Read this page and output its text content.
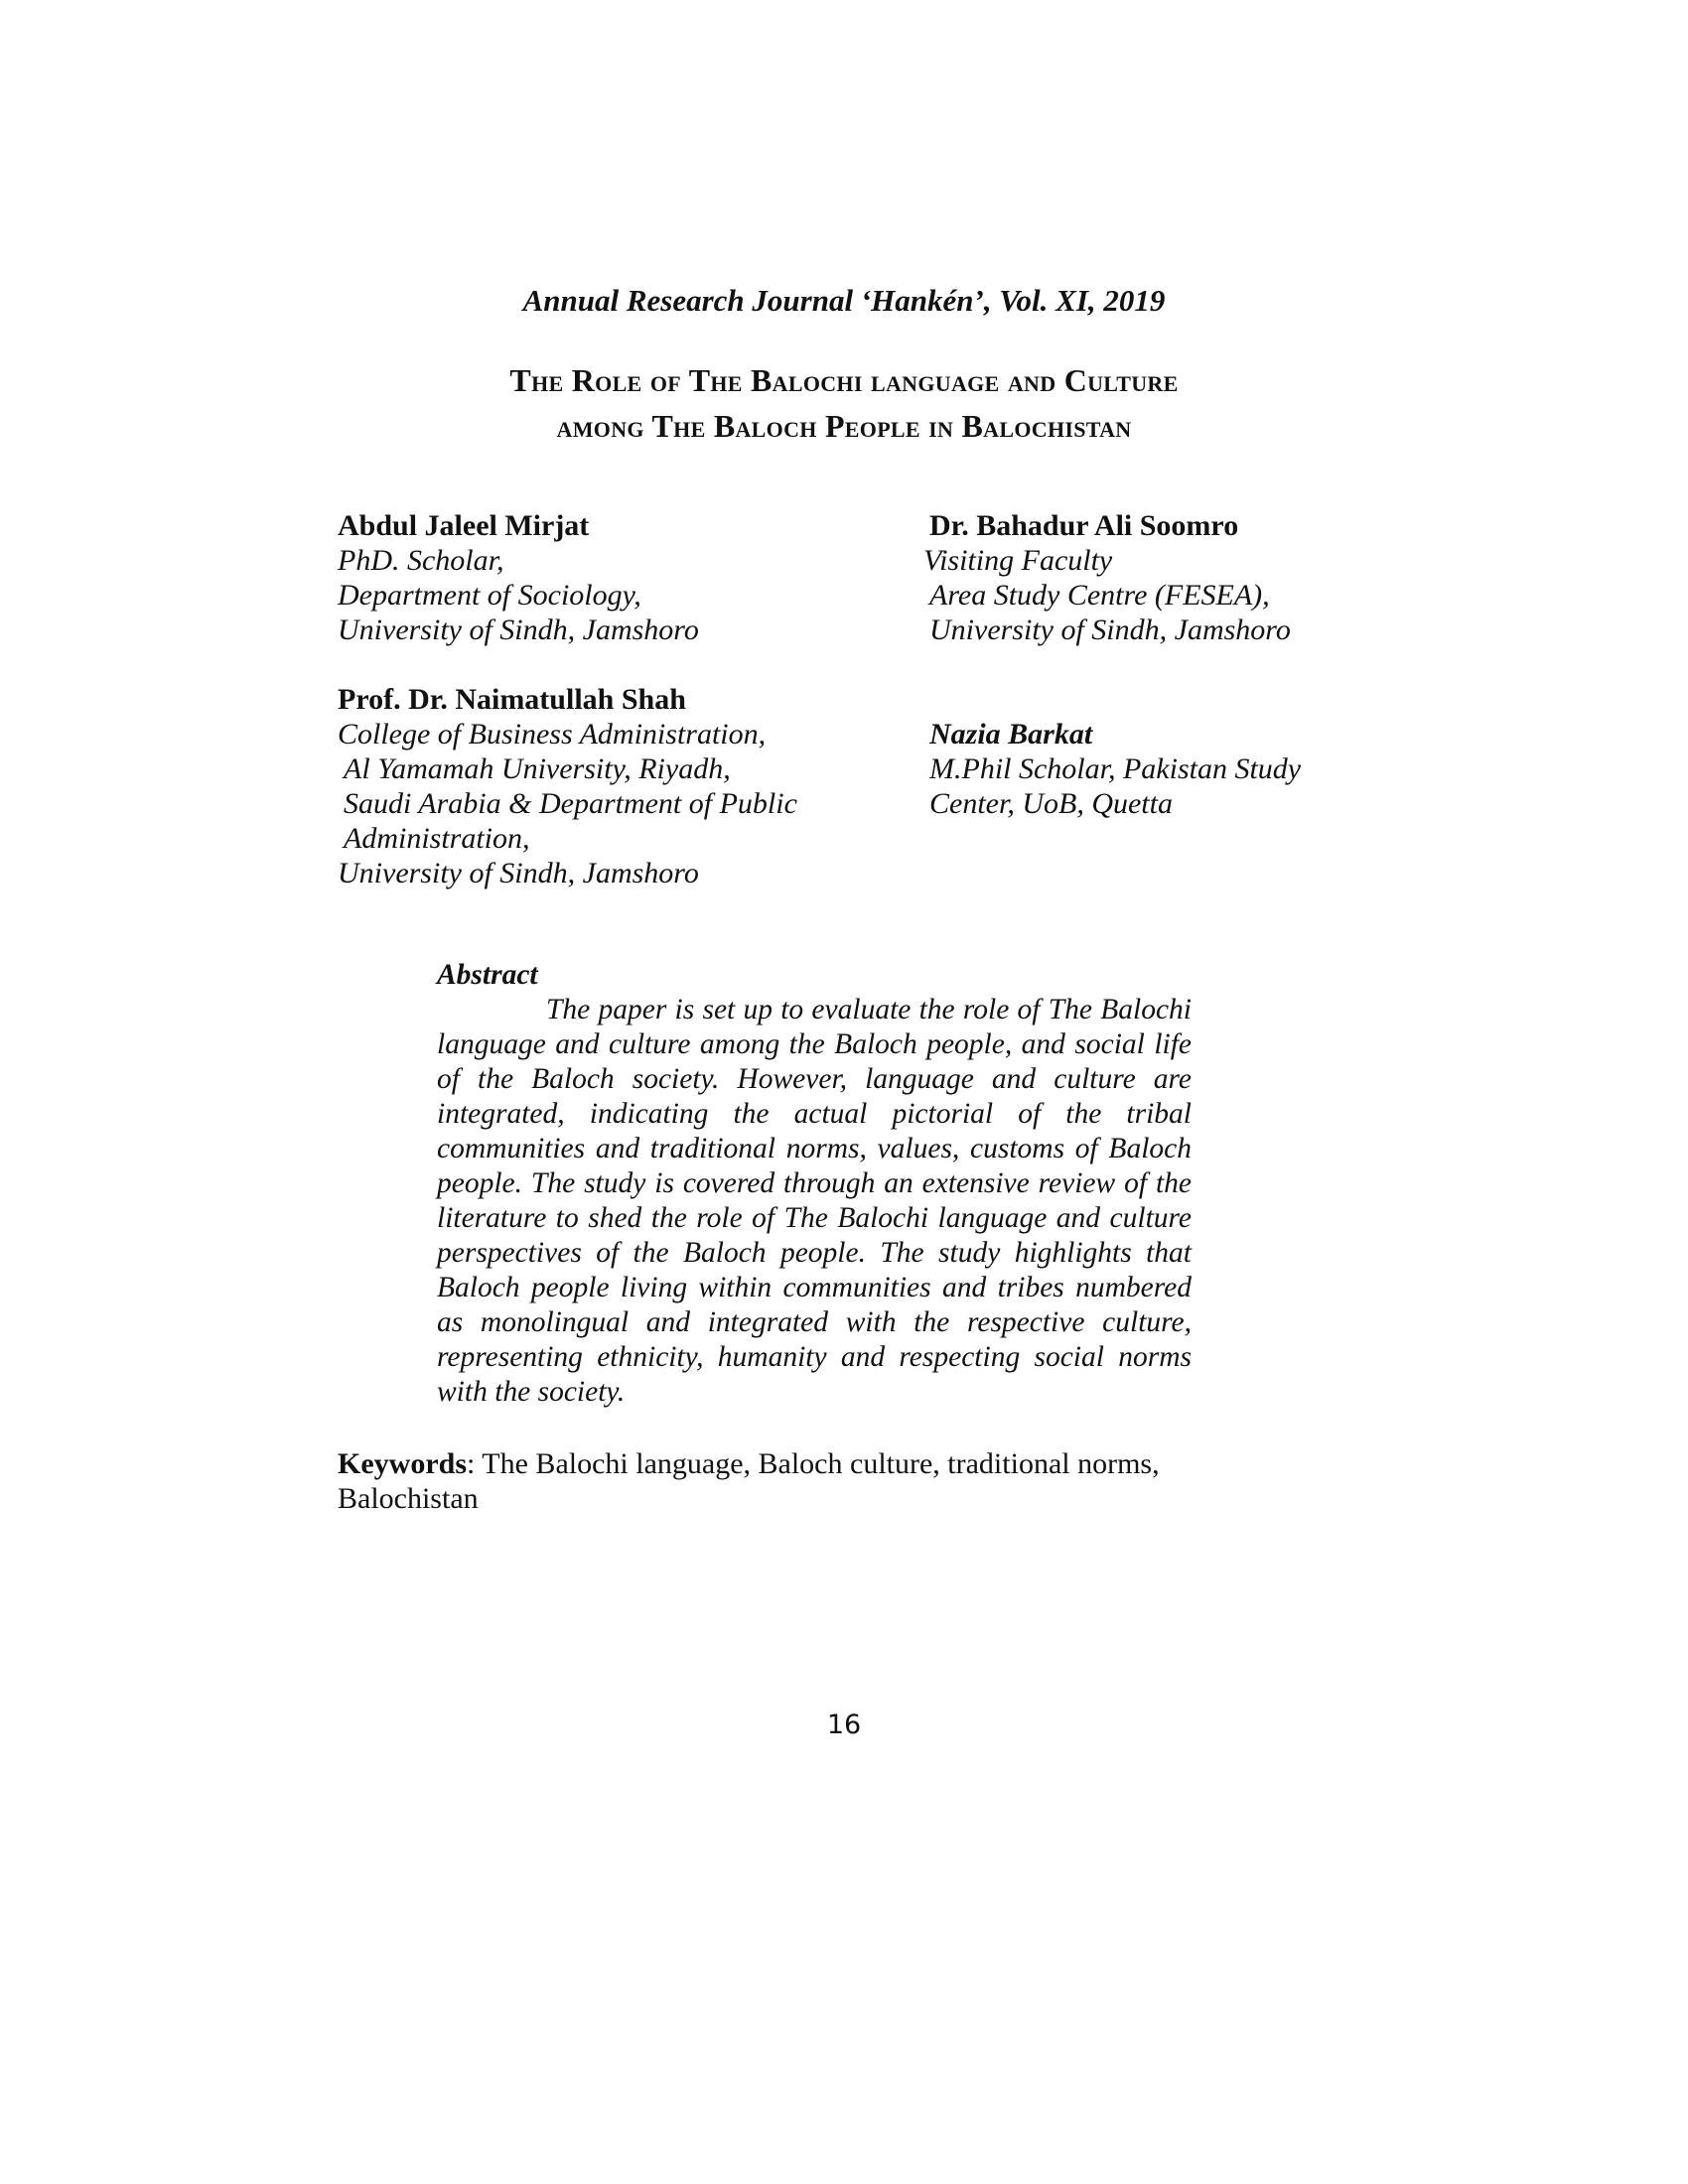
Annual Research Journal ‘Hankén’, Vol. XI, 2019
The Role of The Balochi language and Culture
among The Baloch People in Balochistan
Abdul Jaleel Mirjat
PhD. Scholar,
Department of Sociology,
University of Sindh, Jamshoro
Dr. Bahadur Ali Soomro
Visiting Faculty
Area Study Centre (FESEA),
University of Sindh, Jamshoro
Prof. Dr. Naimatullah Shah
College of Business Administration,
Al Yamamah University, Riyadh,
Saudi Arabia & Department of Public
Administration,
University of Sindh, Jamshoro
Nazia Barkat
M.Phil Scholar, Pakistan Study
Center, UoB, Quetta
Abstract
The paper is set up to evaluate the role of The Balochi language and culture among the Baloch people, and social life of the Baloch society. However, language and culture are integrated, indicating the actual pictorial of the tribal communities and traditional norms, values, customs of Baloch people. The study is covered through an extensive review of the literature to shed the role of The Balochi language and culture perspectives of the Baloch people. The study highlights that Baloch people living within communities and tribes numbered as monolingual and integrated with the respective culture, representing ethnicity, humanity and respecting social norms with the society.
Keywords: The Balochi language, Baloch culture, traditional norms, Balochistan
16
